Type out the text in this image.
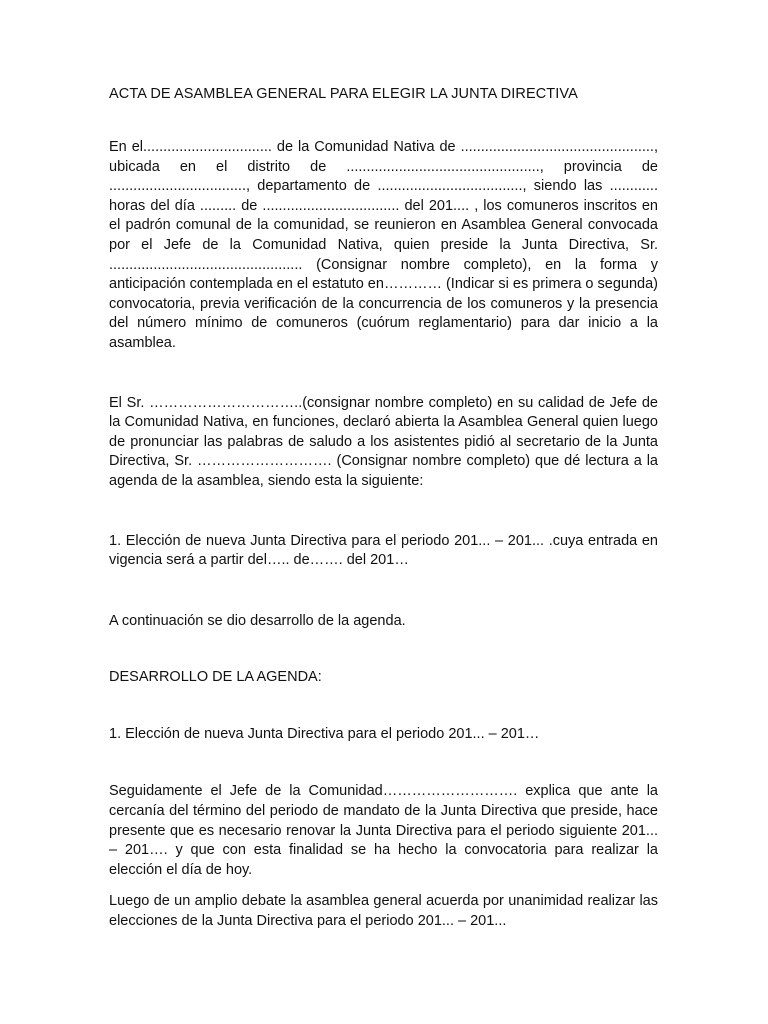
ACTA DE ASAMBLEA GENERAL PARA ELEGIR LA JUNTA DIRECTIVA

En el................................ de la Comunidad Nativa de ................................................, ubicada en el distrito de ................................................, provincia de .................................., departamento de ...................................., siendo las ............ horas del día ......... de .................................. del 201.... , los comuneros inscritos en el padrón comunal de la comunidad, se reunieron en Asamblea General convocada por el Jefe de la Comunidad Nativa, quien preside la Junta Directiva, Sr. ................................................ (Consignar nombre completo), en la forma y anticipación contemplada en el estatuto en………… (Indicar si es primera o segunda) convocatoria, previa verificación de la concurrencia de los comuneros y la presencia del número mínimo de comuneros (cuórum reglamentario) para dar inicio a la asamblea.

El Sr. …………………………..(consignar nombre completo) en su calidad de Jefe de la Comunidad Nativa, en funciones, declaró abierta la Asamblea General quien luego de pronunciar las palabras de saludo a los asistentes pidió al secretario de la Junta Directiva, Sr. ………………………. (Consignar nombre completo) que dé lectura a la agenda de la asamblea, siendo esta la siguiente:

1. Elección de nueva Junta Directiva para el periodo 201... – 201... .cuya entrada en vigencia será a partir del….. de……. del 201…

A continuación se dio desarrollo de la agenda.

DESARROLLO DE LA AGENDA:

1. Elección de nueva Junta Directiva para el periodo 201... – 201…

Seguidamente el Jefe de la Comunidad………………………. explica que ante la cercanía del término del periodo de mandato de la Junta Directiva que preside, hace presente que es necesario renovar la Junta Directiva para el periodo siguiente 201... – 201…. y que con esta finalidad se ha hecho la convocatoria para realizar la elección el día de hoy.

Luego de un amplio debate la asamblea general acuerda por unanimidad realizar las elecciones de la Junta Directiva para el periodo 201... – 201...
